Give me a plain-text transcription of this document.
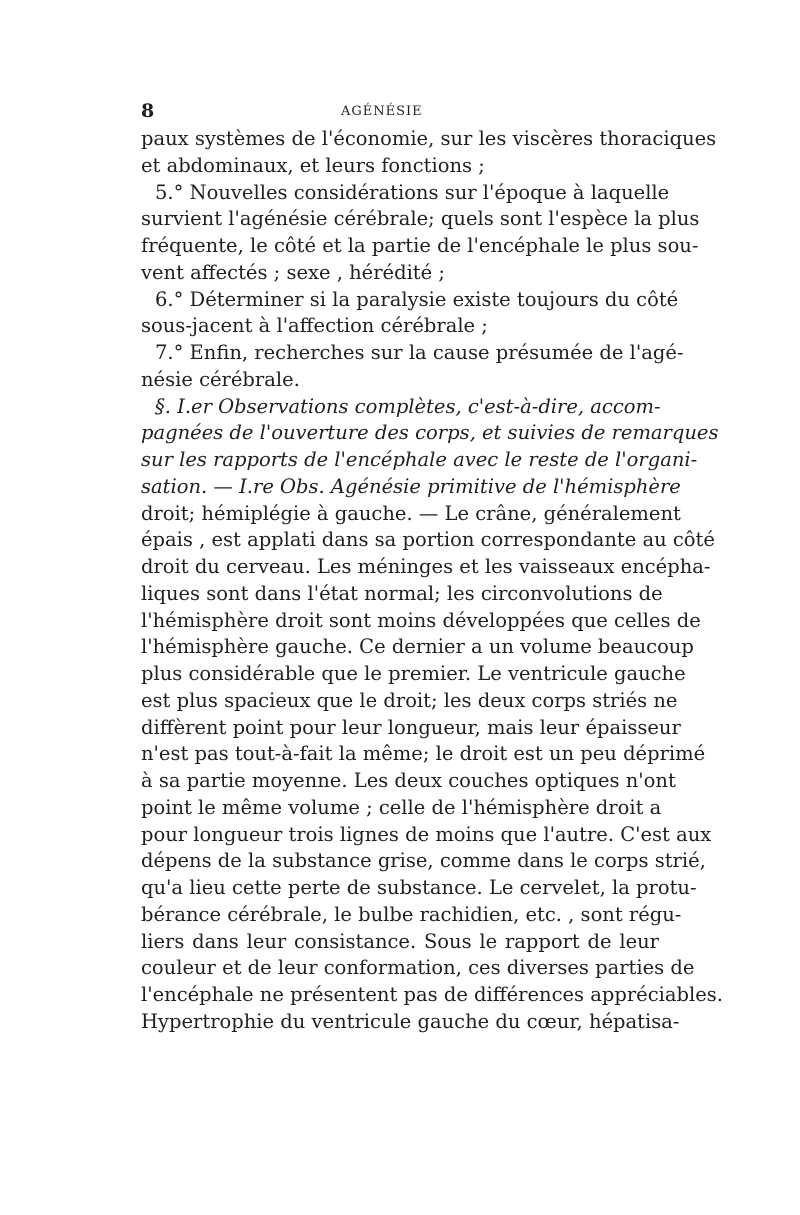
8	AGÉNÉSIE
paux systèmes de l'économie, sur les viscères thoraciques
et abdominaux, et leurs fonctions ;
5.° Nouvelles considérations sur l'époque à laquelle
survient l'agénésie cérébrale; quels sont l'espèce la plus
fréquente, le côté et la partie de l'encéphale le plus sou-
vent affectés ; sexe , hérédité ;
6.° Déterminer si la paralysie existe toujours du côté
sous-jacent à l'affection cérébrale ;
7.° Enfin, recherches sur la cause présumée de l'agé-
nésie cérébrale.
§. I.er Observations complètes, c'est-à-dire, accom-
pagnées de l'ouverture des corps, et suivies de remarques
sur les rapports de l'encéphale avec le reste de l'organi-
sation. — I.re Obs. Agénésie primitive de l'hémisphère
droit; hémiplégie à gauche. — Le crâne, généralement
épais , est applati dans sa portion correspondante au côté
droit du cerveau. Les méninges et les vaisseaux encépha-
liques sont dans l'état normal; les circonvolutions de
l'hémisphère droit sont moins développées que celles de
l'hémisphère gauche. Ce dernier a un volume beaucoup
plus considérable que le premier. Le ventricule gauche
est plus spacieux que le droit; les deux corps striés ne
diffèrent point pour leur longueur, mais leur épaisseur
n'est pas tout-à-fait la même; le droit est un peu déprimé
à sa partie moyenne. Les deux couches optiques n'ont
point le même volume ; celle de l'hémisphère droit a
pour longueur trois lignes de moins que l'autre. C'est aux
dépens de la substance grise, comme dans le corps strié,
qu'a lieu cette perte de substance. Le cervelet, la protu-
bérance cérébrale, le bulbe rachidien, etc. , sont régu-
liers dans leur consistance. Sous le rapport de leur
couleur et de leur conformation, ces diverses parties de
l'encéphale ne présentent pas de différences appréciables.
Hypertrophie du ventricule gauche du cœur, hépatisa-
